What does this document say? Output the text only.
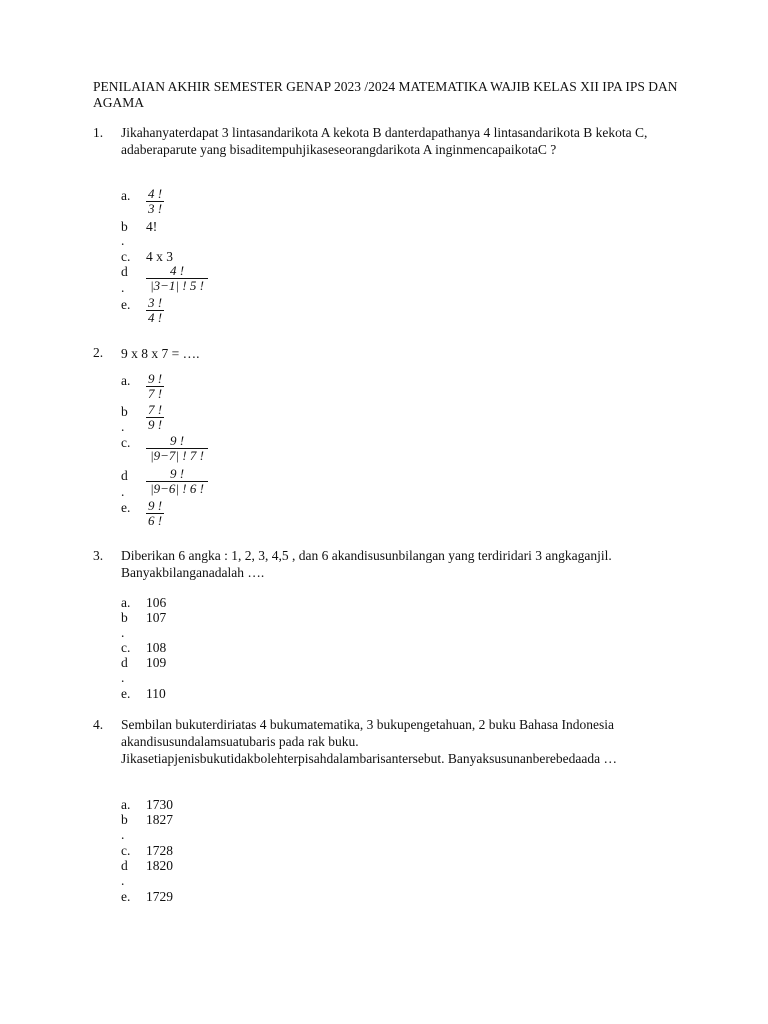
PENILAIAN AKHIR SEMESTER GENAP 2023 /2024 MATEMATIKA WAJIB KELAS XII IPA IPS DAN AGAMA
1. Jikahanyaterdapat 3 lintasandarikota A kekota B danterdapathanya 4 lintasandarikota B kekota C, adaberaparute yang bisaditempuhjikaseseorangdarikota A inginmencapaikotaC ?
a. $\frac{4 !}{3 !}$
b
.
4!
c. 4 x 3
d
. $\frac{4 !}{|3-1| ! 5 !}$
e. $\frac{3 !}{4 !}$
2. 9 x 8 x 7 = ….
a. $\frac{9 !}{7 !}$
b
. $\frac{7 !}{9 !}$
c. $\frac{9 !}{|9-7| ! 7 !}$
d
. $\frac{9 !}{|9-6| ! 6 !}$
e. $\frac{9 !}{6 !}$
3. Diberikan 6 angka : 1, 2, 3, 4,5 , dan 6 akandisusunbilangan yang terdiridari 3 angkaganjil. Banyakbilanganadalah ….
a. 106
b
.
107
c. 108
d
.
109
e. 110
4. Sembilan bukuterdiriatas 4 bukumatematika, 3 bukupengetahuan, 2 buku Bahasa Indonesia akandisusundalamsuatubaris pada rak buku. Jikasetiapjenisbukutidakbolehterpisahdalambarisantersebut. Banyaksusunanberebedaada …
a. 1730
b
.
1827
c. 1728
d
.
1820
e. 1729
